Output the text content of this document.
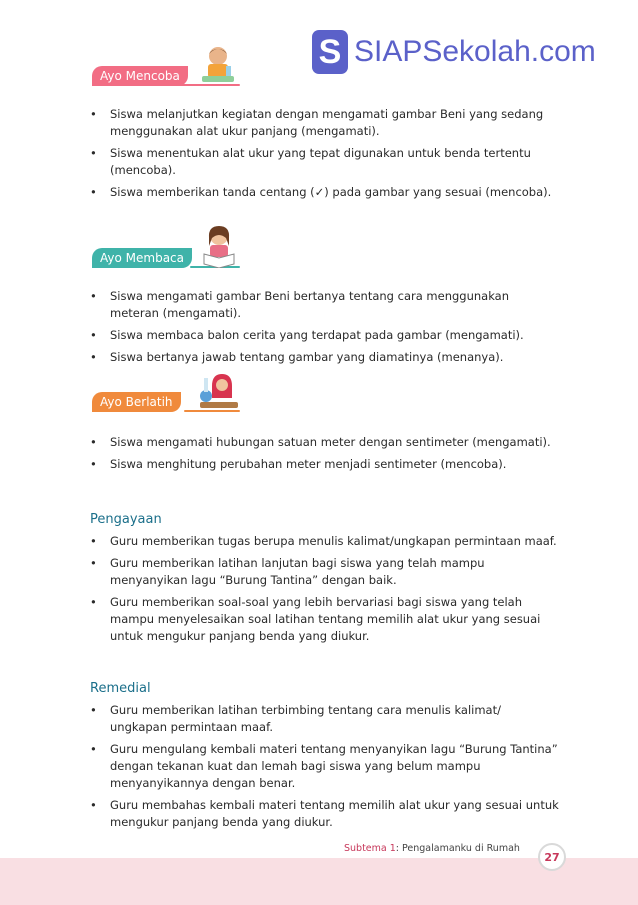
S SIAPSekolah.com
Ayo Mencoba
• Siswa melanjutkan kegiatan dengan mengamati gambar Beni yang sedang menggunakan alat ukur panjang (mengamati).
• Siswa menentukan alat ukur yang tepat digunakan untuk benda tertentu (mencoba).
• Siswa memberikan tanda centang (✓) pada gambar yang sesuai (mencoba).
Ayo Membaca
• Siswa mengamati gambar Beni bertanya tentang cara menggunakan meteran (mengamati).
• Siswa membaca balon cerita yang terdapat pada gambar (mengamati).
• Siswa bertanya jawab tentang gambar yang diamatinya (menanya).
Ayo Berlatih
• Siswa mengamati hubungan satuan meter dengan sentimeter (mengamati).
• Siswa menghitung perubahan meter menjadi sentimeter (mencoba).
Pengayaan
• Guru memberikan tugas berupa menulis kalimat/ungkapan permintaan maaf.
• Guru memberikan latihan lanjutan bagi siswa yang telah mampu menyanyikan lagu “Burung Tantina” dengan baik.
• Guru memberikan soal-soal yang lebih bervariasi bagi siswa yang telah mampu menyelesaikan soal latihan tentang memilih alat ukur yang sesuai untuk mengukur panjang benda yang diukur.
Remedial
• Guru memberikan latihan terbimbing tentang cara menulis kalimat/ ungkapan permintaan maaf.
• Guru mengulang kembali materi tentang menyanyikan lagu “Burung Tantina” dengan tekanan kuat dan lemah bagi siswa yang belum mampu menyanyikannya dengan benar.
• Guru membahas kembali materi tentang memilih alat ukur yang sesuai untuk mengukur panjang benda yang diukur.
Subtema 1: Pengalamanku di Rumah
27
